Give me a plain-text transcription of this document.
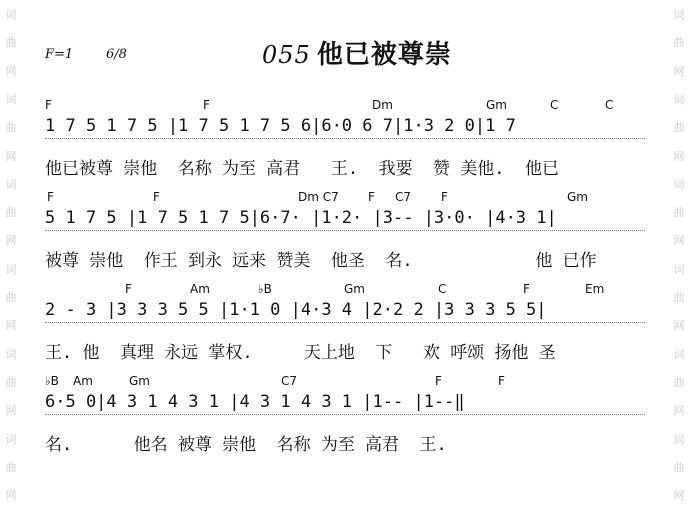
词
曲
网
词
曲
网
词
曲
网
词
曲
网
词
曲
网
词
曲
网
词
曲
网
词
曲
网
词
曲
网
词
曲
网
词
曲
网
词
曲
网
F=1	6/8	055 他已被尊崇
F	F	Dm	Gm	C	C
1 7 5 1 7 5 |1 7 5 1 7 5 6|6·0 6 7|1·3 2 0|1 7
他已被尊 崇他  名称 为至 高君   王.  我要  赞 美他.  他已
F	F	Dm C7 F C7 F	Gm
5 1 7 5 |1 7 5 1 7 5|6·7· |1·2· |3-- |3·0· |4·3 1|
被尊 崇他  作王 到永 远来 赞美  他圣  名.            他 已作
F	Am	♭B	Gm	C	F	Em
2 - 3 |3 3 3 5 5 |1·1 0 |4·3 4 |2·2 2 |3 3 3 5 5|
王. 他  真理 永远 掌权.     天上地  下   欢 呼颂 扬他 圣
♭B Am	Gm	C7	F	F
6·5 0|4 3 1 4 3 1 |4 3 1 4 3 1 |1-- |1--‖
名.      他名 被尊 崇他  名称 为至 高君  王.
